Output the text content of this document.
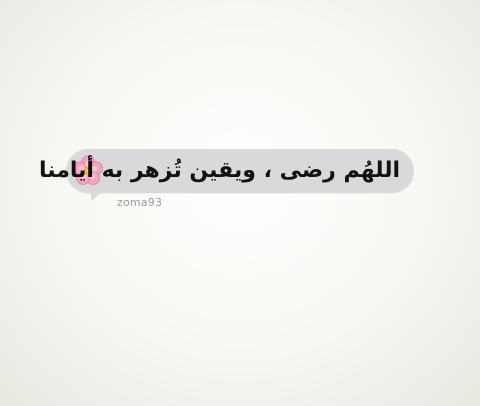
اللهُم رضى ، ويقين تُزهر به أيامنا
zoma93
